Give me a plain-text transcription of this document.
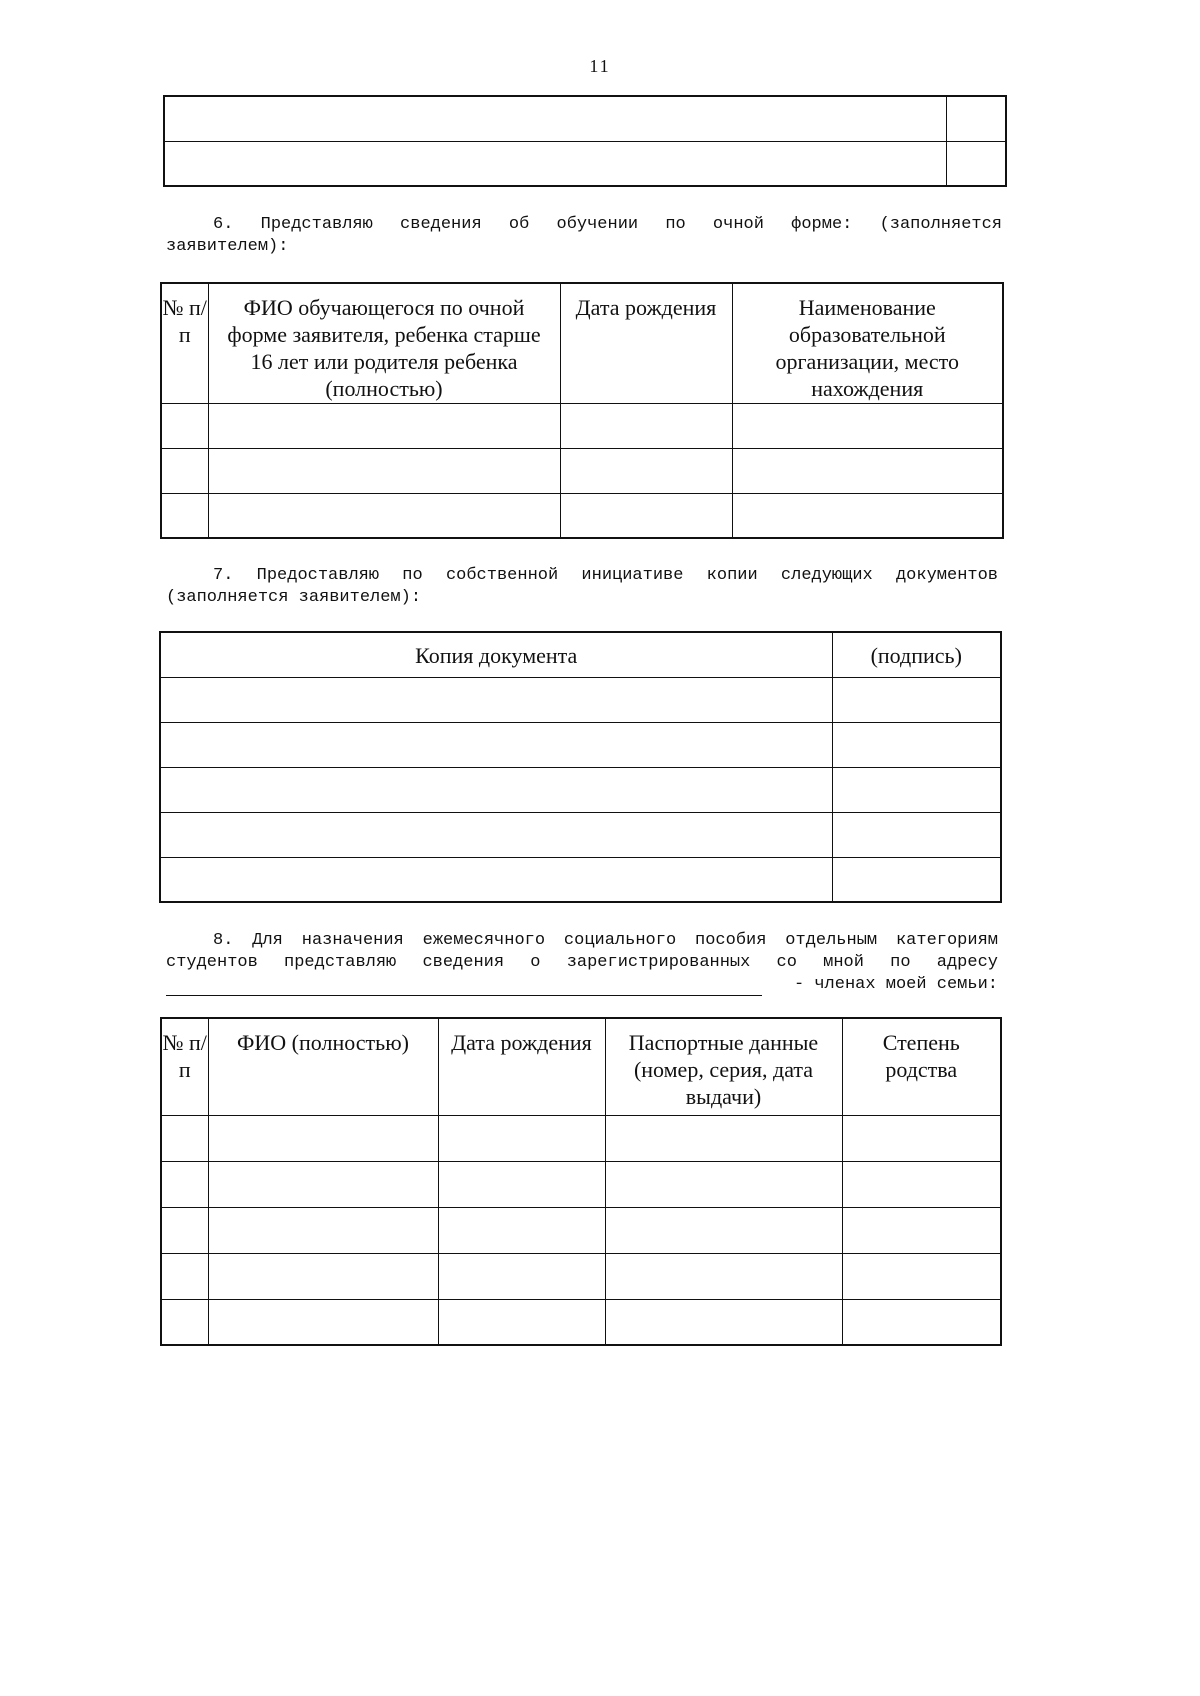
11

6. Представляю сведения об обучении по очной форме: (заполняется
заявителем):
№ п/п	ФИО обучающегося по очной форме заявителя, ребенка старше 16 лет или родителя ребенка (полностью)	Дата рождения	Наименование образовательной организации, место нахождения

7. Предоставляю по собственной инициативе копии следующих документов
(заполняется заявителем):
Копия документа	(подпись)

8. Для назначения ежемесячного социального пособия отдельным категориям
студентов представляю сведения о зарегистрированных со мной по адресу
- членах моей семьи:
№ п/п	ФИО (полностью)	Дата рождения	Паспортные данные (номер, серия, дата выдачи)	Степень родства
